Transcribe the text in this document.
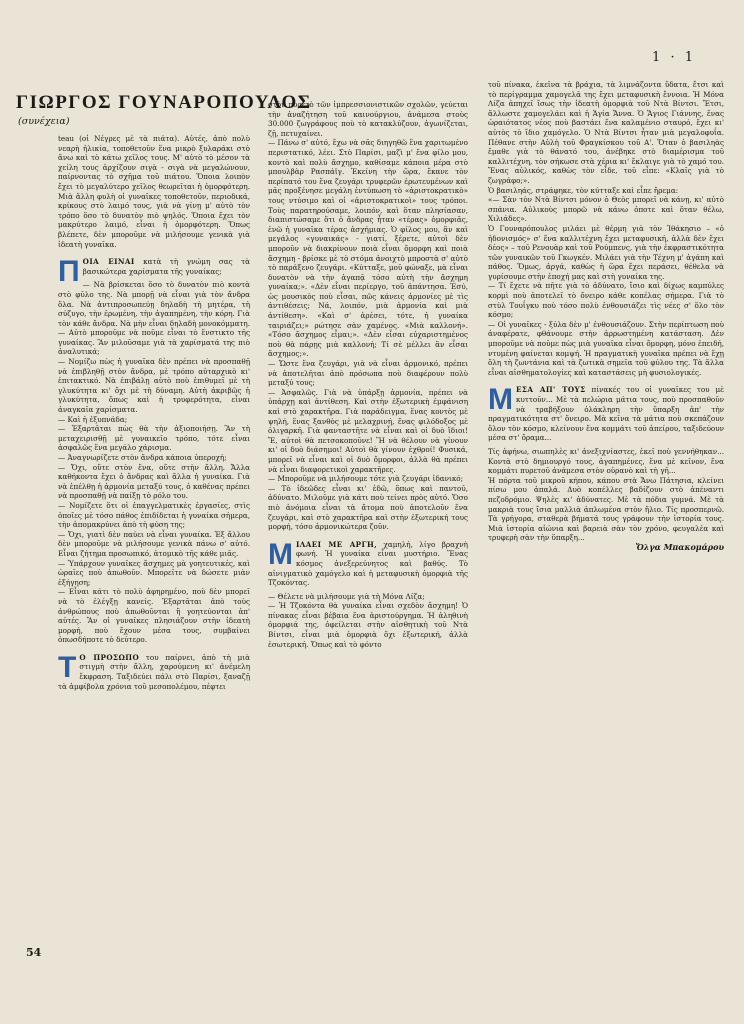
1 · 1
ΓΙΩΡΓΟΣ ΓΟΥΝΑΡΟΠΟΥΛΟΣ
(συνέχεια)

teau (οἱ Νέγρες μὲ τὰ πιάτα). Αὐτές, ἀπὸ πολὺ νεαρὴ ἡλικία, τοποθετοῦν ἕνα μικρὸ ξυλαράκι στὸ ἄνω καὶ τὸ κάτω χεῖλος τους. Μ' αὐτὸ τὸ μέσον τὰ χείλη τους ἀρχίζουν σιγὰ - σιγὰ νὰ μεγαλώνουν, παίρνοντας τὸ σχῆμα τοῦ πιάτου. Ὅποια λοιπὸν ἔχει τὸ μεγαλύτερο χεῖλος θεωρεῖται ἡ ὀμορφότερη. Μιὰ ἄλλη φυλὴ οἱ γυναῖκες τοποθετοῦν, περιοδικά, κρίκους στὸ λαιμό τους, γιὰ νὰ γίνῃ μ' αὐτὸ τὸν τρόπο ὅσο τὸ δυνατὸν πιὸ ψηλός. Ὅποια ἔχει τὸν μακρύτερο λαιμό, εἶναι ἡ ὀμορφότερη. Ὅπως βλέπετε, δὲν μποροῦμε νὰ μιλήσουμε γενικὰ γιὰ ἰδεατὴ γυναῖκα.

Π ΟΙΑ ΕΙΝΑΙ κατὰ τὴ γνώμη σας τὰ βασικώτερα χαρίσματα τῆς γυναίκας;

— Νὰ βρίσκεται ὅσο τὸ δυνατὸν πιὸ κοντὰ στὸ φῦλο της. Νὰ μπορῇ νὰ εἶναι γιὰ τὸν ἄνδρα ὅλα. Νὰ ἀντιπροσωπεύῃ δηλαδὴ τὴ μητέρα, τὴ σύζυγο, τὴν ἐρωμένη, τὴν ἀγαπημένη, τὴν κόρη. Γιὰ τὸν κάθε ἄνδρα. Νὰ μὴν εἶναι δηλαδὴ μονοκόμματη.

— Αὐτὸ μποροῦμε νὰ ποῦμε εἶναι τὸ ἔνστικτο τῆς γυναίκας. Ἂν μιλοῦσαμε γιὰ τὰ χαρίσματά της πιὸ ἀναλυτικά;

— Νομίζω πὼς ἡ γυναῖκα δὲν πρέπει νὰ προσπαθῇ νὰ ἐπιβληθῇ στὸν ἄνδρα, μὲ τρόπο αὐταρχικὸ κι' ἐπιτακτικό. Νὰ ἐπιβάλῃ αὐτὸ ποὺ ἐπιθυμεῖ μὲ τὴ γλυκύτητα κι' ὄχι μὲ τὴ δύναμη. Αὐτὴ ἀκριβῶς ἡ γλυκύτητα, ὅπως καὶ ἡ τρυφερότητα, εἶναι ἀναγκαῖα χαρίσματα.

— Καὶ ἡ ἐξυπνάδα;

— Ἐξαρτᾶται πὼς θὰ τὴν ἀξιοποιήσῃ. Ἂν τὴ μεταχειρισθῇ μὲ γυναικεῖο τρόπο, τότε εἶναι ἀσφαλῶς ἕνα μεγάλο χάρισμα.

— Ἀναγνωρίζετε στὸν ἄνδρα κάποια ὑπεροχή;

— Ὄχι, οὔτε στὸν ἕνα, οὔτε στὴν ἄλλη. Ἄλλα καθήκοντα ἔχει ὁ ἄνδρας καὶ ἄλλα ἡ γυναίκα. Γιὰ νὰ ἐπέλθῃ ἡ ἁρμονία μεταξύ τους, ὁ καθένας πρέπει νὰ προσπαθῇ νὰ παίξῃ τὸ ρόλο του.

— Νομίζετε ὅτι οἱ ἐπαγγελματικὲς ἐργασίες, στὶς ὁποῖες μὲ τόσο πάθος ἐπιδίδεται ἡ γυναίκα σήμερα, τὴν ἀπομακρύνει ἀπὸ τὴ φύση της;

— Ὄχι, γιατὶ δὲν παύει νὰ εἶναι γυναίκα. Ἐξ ἄλλου δὲν μποροῦμε νὰ μιλήσουμε γενικὰ πάνω σ' αὐτό. Εἶναι ζήτημα προσωπικό, ἀτομικὸ τῆς κάθε μιᾶς.

— Ὑπάρχουν γυναῖκες ἄσχημες μὰ γοητευτικές, καὶ ὡραῖες ποὺ ἀπωθοῦν. Μπορεῖτε νὰ δώσετε μιὰν ἐξήγηση;

— Εἶναι κάτι τὸ πολὺ ἀφηρημένο, ποὺ δὲν μπορεῖ νὰ τὸ ἐλέγξῃ κανείς. Ἐξαρτᾶται ἀπὸ τοὺς ἀνθρώπους ποὺ ἀπωθοῦνται ἢ γοητεύονται ἀπ' αὐτές. Ἂν οἱ γυναῖκες πλησιάζουν στὴν ἰδεατὴ μορφή, ποὺ ἔχουν μέσα τους, συμβαίνει ὁπωσδήποτε τὸ δεύτερο.

Τ Ο ΠΡΟΣΩΠΟ του παίρνει, ἀπὸ τὴ μιὰ στιγμὴ στὴν ἄλλη, χαρούμενη κι' ἀνέμελη ἔκφραση. Ταξιδεύει πάλι στὸ Παρίσι, ξαναζῇ τὰ ἀμφίβολα χρόνια τοῦ μεσοπολέμου, πέφτει

στὸν πυρετὸ τῶν ἰμπρεσσιονιστικῶν σχολῶν, γεύεται τὴν ἀναζήτηση τοῦ καινούργιου, ἀνάμεσα στοὺς 30.000 ζωγράφους ποὺ τὸ κατακλύζουν, ἀγωνίζεται, ζῇ, πετυχαίνει.

— Πάνω σ' αὐτό, ἔχω νὰ σᾶς διηγηθῶ ἕνα χαριτωμένο περιστατικό, λέει. Στὸ Παρίσι, μαζὶ μ' ἕνα φίλο μου, κοντὸ καὶ πολὺ ἄσχημο, καθίσαμε κάποια μέρα στὸ μπουλβὰρ Ρασπάϊγ. Ἐκείνη τὴν ὥρα, ἔκανε τὸν περίπατό του ἕνα ζευγάρι τρυφερῶν ἐρωτευμένων καὶ μᾶς προξένησε μεγάλη ἐντύπωση τὸ «ἀριστοκρατικὸ» τους ντύσιμο καὶ οἱ «ἀριστοκρατικοὶ» τους τρόποι. Τοὺς παρατηρούσαμε, λοιπόν, καὶ ὅταν πλησίασαν, διαπιστώσαμε ὅτι ὁ ἄνδρας ἦταν «τέρας» ὀμορφιᾶς, ἐνῶ ἡ γυναῖκα τέρας ἀσχήμιας. Ὁ φίλος μου, ἂν καὶ μεγάλος «γυναικάς» - γιατί, ξέρετε, αὐτοὶ δὲν μποροῦν νὰ διακρίνουν ποιὰ εἶναι ὄμορφη καὶ ποιὰ ἄσχημη - βρίσκε μὲ τὸ στόμα ἀνοιχτὸ μπροστὰ σ' αὐτὸ τὸ παράξενο ζευγάρι. «Κύτταξε, μοῦ φώναξε, μὰ εἶναι δυνατὸν νὰ τὴν ἀγαπᾷ τόσο αὐτὴ τὴν ἄσχημη γυναίκα;». «Δὲν εἶναι περίεργο, τοῦ ἀπάντησα. Ἐσύ, ὡς μουσικὸς ποὺ εἶσαι, πῶς κάνεις ἁρμονίες μὲ τὶς ἀντιθέσεις; Νά, λοιπόν, μιὰ ἁρμονία καὶ μιὰ ἀντίθεση». «Καὶ σ' ἀρέσει, τότε, ἡ γυναίκα ταιριάζει;» ρώτησε σὰν χαμένος. «Μιὰ καλλονή». «Τόσο ἄσχημος εἶμαι;». «Δὲν εἶσαι εὐχαριστημένος ποὺ θὰ πάρῃς μιὰ καλλονή; Τί σὲ μέλλει ἂν εἶσαι ἄσχημος;».

— Ὥστε ἕνα ζευγάρι, γιὰ νὰ εἶναι ἁρμονικό, πρέπει νὰ ἀποτελῆται ἀπὸ πρόσωπα ποὺ διαφέρουν πολὺ μεταξύ τους;

— Ἀσφαλῶς. Γιὰ νὰ ὑπάρξῃ ἁρμονία, πρέπει νὰ ὑπάρχῃ καὶ ἀντίθεση. Καὶ στὴν ἐξωτερικὴ ἐμφάνιση καὶ στὸ χαρακτῆρα. Γιὰ παράδειγμα, ἕνας κοντὸς μὲ ψηλή, ἕνας ξανθὸς μὲ μελαχρινή, ἕνας φιλόδοξος μὲ ὀλιγαρκῆ. Γιὰ φανταστῆτε νὰ εἶναι καὶ οἱ δυὸ ἴδιοι! Ἔ, αὐτοὶ θὰ πετσοκοποῦνε! Ἢ νὰ θέλουν νὰ γίνουν κι' οἱ δυὸ διάσημοι! Αὐτοὶ θὰ γίνουν ἐχθροί! Φυσικά, μπορεῖ νὰ εἶναι καὶ οἱ δυὸ ὄμορφοι, ἀλλὰ θὰ πρέπει νὰ εἶναι διαφορετικοὶ χαρακτῆρες.

— Μποροῦμε νὰ μιλήσουμε τότε γιὰ ζευγάρι ἰδανικό;

— Τὸ ἰδεῶδες εἶναι κι' ἐδῶ, ὅπως καὶ παντοῦ, ἀδύνατο. Μιλοῦμε γιὰ κάτι ποὺ τείνει πρὸς αὐτό. Ὅσο πιὸ ἀνόμοια εἶναι τὰ ἄτομα ποὺ ἀποτελοῦν ἕνα ζευγάρι, καὶ στὸ χαρακτῆρα καὶ στὴν ἐξωτερική τους μορφή, τόσο ἁρμονικώτερα ζοῦν.

Μ ΙΛΑΕΙ ΜΕ ΑΡΓΗ, χαμηλή, λίγο βραχνὴ φωνή. Ἡ γυναίκα εἶναι μυστήριο. Ἕνας κόσμος ἀνεξερεύνητος καὶ βαθύς. Τὸ αἰνιγματικὸ χαμόγελο καὶ ἡ μεταφυσικὴ ὀμορφιὰ τῆς Τζοκόντας.

— Θέλετε νὰ μιλήσουμε γιὰ τὴ Μόνα Λίζα;

— Ἡ Τζοκόντα θὰ γυναίκα εἶναι σχεδὸν ἄσχημη! Ὁ πίνακας εἶναι βέβαια ἕνα ἀριστούργημα. Ἡ ἀληθινὴ ὀμορφιά της, ὀφείλεται στὴν αἰσθητικὴ τοῦ Ντὰ Βίντσι, εἶναι μιὰ ὀμορφιὰ ὄχι ἐξωτερική, ἀλλὰ ἐσωτερική. Ὅπως καὶ τὸ φόντο

τοῦ πίνακα, ἐκεῖνα τὰ βράχια, τὰ λιμνάζοντα ὕδατα, ἔτσι καὶ τὸ περίγραμμα χαμογελᾶ της ἔχει μεταφυσικὴ ἔννοια. Ἡ Μόνα Λίζα ἀπηχεῖ ἴσως τὴν ἰδεατὴ ὀμορφιὰ τοῦ Ντὰ Βίντσι. Ἔτσι, ἄλλωστε χαμογελάει καὶ ἡ Ἁγία Ἄννα. Ὁ Ἅγιος Γιάννης, ἕνας ὡραιότατος νέος ποὺ βαστάει ἕνα καλαμένιο σταυρό, ἔχει κι' αὐτὸς τὸ ἴδιο χαμόγελο. Ὁ Ντὰ Βίντσι ἦταν μιὰ μεγαλοφυΐα. Πέθανε στὴν Αὐλὴ τοῦ Φραγκίσκου τοῦ Α'. Ὅταν ὁ βασιληὰς ἔμαθε γιὰ τὸ θάνατό του, ἀνέβηκε στὸ διαμέρισμα τοῦ καλλιτέχνη, τὸν σήκωσε στὰ χέρια κι' ἔκλαιγε γιὰ τὸ χαμό του. Ἕνας αὐλικός, καθὼς τὸν εἶδε, τοῦ εἶπε: «Κλαῖς γιὰ τὸ ζωγράφο;».

Ὁ βασιληάς, στράφηκε, τὸν κύτταξε καὶ εἶπε ἤρεμα:

«— Σὰν τὸν Ντὰ Βίντσι μόνον ὁ Θεὸς μπορεῖ νὰ κάνῃ, κι' αὐτὸ σπάνια. Αὐλικοὺς μπορῶ νὰ κάνω ὁποτε καὶ ὅταν θέλω, Χιλιάδες».

Ὁ Γουναρόπουλος μιλάει μὲ θέρμη γιὰ τὸν Ἰθάκησιο – «ὁ ἡδονισμός» σ' ἕνα καλλιτέχνη ἔχει μεταφυσική, ἀλλὰ δὲν ἔχει δέος» – τοῦ Ρενουὰρ καὶ τοῦ Ρούμπενς, γιὰ τὴν ἐκφραστικότητα τῶν γυναικῶν τοῦ Γκωγκέν. Μιλάει γιὰ τὴν Τέχνη μ' ἀγάπη καὶ πάθος. Ὅμως, ἀργά, καθὼς ἡ ὥρα ἔχει περάσει, θέθελα νὰ γυρίσουμε στὴν ἐποχή μας καὶ στὴ γυναίκα της.

— Τί ἔχετε νὰ πῆτε γιὰ τὸ ἀδύνατο, ἴσιο καὶ δίχως καμπύλες κορμὶ ποὺ ἀποτελεῖ τὸ ὄνειρο κάθε κοπέλας σήμερα. Γιὰ τὸ στὺλ Τουΐγκυ ποὺ τόσο πολὺ ἐνθουσιάζει τὶς νέες σ' ὅλο τὸν κόσμο;

— Οἱ γυναῖκες - ξύλα δὲν μ' ἐνθουσιάζουν. Στὴν περίπτωση ποὺ ἀναφέρατε, φθάνουμε στὴν ἀρρωστημένη κατάσταση. Δὲν μποροῦμε νὰ ποῦμε πὼς μιὰ γυναῖκα εἶναι ὄμορφη, μόνο ἐπειδή, ντυμένη φαίνεται κομψή. Ἡ πραγματικὴ γυναῖκα πρέπει νὰ ἔχῃ ὅλη τὴ ζωντάνια καὶ τὰ ζωτικὰ σημεῖα τοῦ φύλου της. Τὰ ἄλλα εἶναι αἰσθηματολογίες καὶ καταστάσεις μὴ φυσιολογικές.

Μ ΕΣΑ ΑΠ' ΤΟΥΣ πίνακές του οἱ γυναῖκες του μὲ κυττοῦν... Μὲ τὰ πελώρια μάτια τους, ποὺ προσπαθοῦν νὰ τραβήξουν ὁλάκληρη τὴν ὕπαρξη ἀπ' τὴν πραγματικότητα στ' ὄνειρο. Μὰ κεῖνα τὰ μάτια ποὺ σκεπάζουν ὅλον τὸν κόσμο, κλείνουν ἕνα κομμάτι τοῦ ἀπείρου, ταξιδεύουν μέσα στ' ὄραμα...

Τίς ἀφήνω, σιωπηλὲς κι' ἀνεξιχνίαστες, ἐκεῖ ποὺ γεννήθηκαν... Κοντὰ στὸ δημιουργό τους, ἀγαπημένες, ἕνα μὲ κεῖνον, ἕνα κομμάτι πυρετοῦ ἀνάμεσα στὸν οὐρανὸ καὶ τὴ γῆ...

Ἡ πόρτα τοῦ μικροῦ κήπου, κάπου στὰ Ἄνω Πάτησια, κλείνει πίσω μου ἁπαλά. Δυὸ κοπέλλες βαδίζουν στὸ ἀπέναντι πεζοδρόμιο. Ψηλὲς κι' ἀδύνατες. Μὲ τὰ πόδια γυμνά. Μὲ τὰ μακριὰ τους ἴσια μαλλιὰ ἁπλωμένα στὸν ἥλιο. Τίς προσπερνῶ. Τὰ γρήγορα, σταθερὰ βήματά τους γράφουν τὴν ἱστορία τους. Μιὰ ἱστορία αἰώνια καὶ βαρειὰ σὰν τὸν χρόνο, φευγαλέα καὶ τρυφερὴ σὰν τὴν ὕπαρξη...

Ὄλγα Μπακομάρου

54
